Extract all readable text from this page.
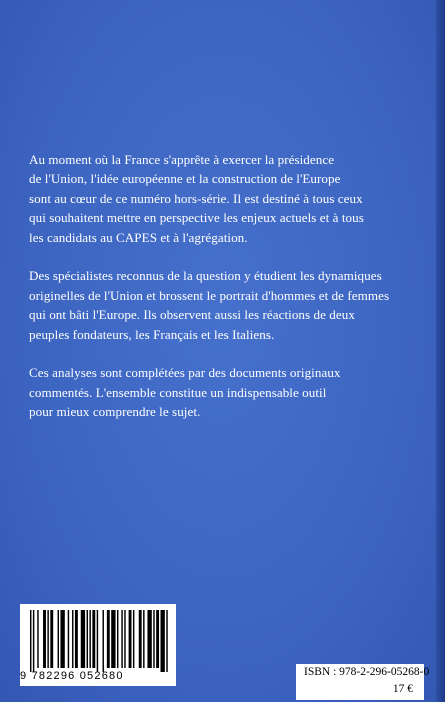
Au moment où la France s'apprête à exercer la présidence
de l'Union, l'idée européenne et la construction de l'Europe
sont au cœur de ce numéro hors-série. Il est destiné à tous ceux
qui souhaitent mettre en perspective les enjeux actuels et à tous
les candidats au CAPES et à l'agrégation.

Des spécialistes reconnus de la question y étudient les dynamiques
originelles de l'Union et brossent le portrait d'hommes et de femmes
qui ont bâti l'Europe. Ils observent aussi les réactions de deux
peuples fondateurs, les Français et les Italiens.

Ces analyses sont complétées par des documents originaux
commentés. L'ensemble constitue un indispensable outil
pour mieux comprendre le sujet.

9 782296 052680	ISBN : 978-2-296-05268-0
17 €
